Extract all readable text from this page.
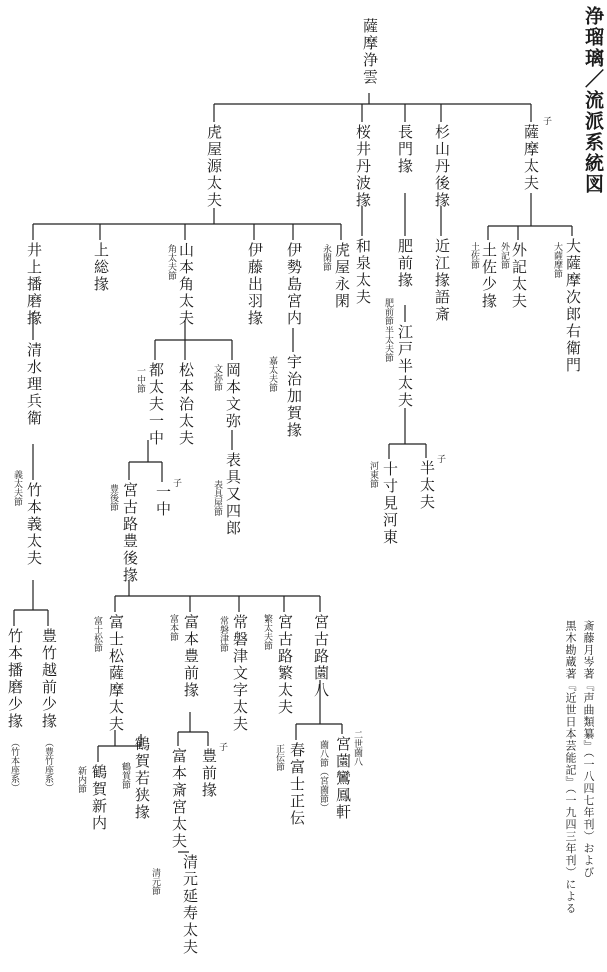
浄瑠璃／流派系統図
斎藤月岑著『声曲類纂』（一八四七年刊）および
黒木勘蔵著『近世日本芸能記』（一九四三年刊）による
薩摩浄雲
虎屋源太夫	桜井丹波掾 長門掾 杉山丹後掾	薩摩太夫
子
和泉太夫 肥前掾
肥前節	近江掾語斎 土佐少掾
土佐節 外記太夫
外記節	大薩摩次郎右衛門
大薩摩節
江戸半太夫
半太夫節
十寸見河東
河東節	半太夫 子
井上播磨掾	上総掾	山本角太夫
角太夫節	伊藤出羽掾 伊勢島宮内 虎屋永閑
永閑節
清水理兵衛	都太夫一中
一中節 松本治太夫 岡本文弥
文弥節	宇治加賀掾
嘉太夫節
一中 子	表具又四郎
表具屋節
竹本義太夫
義太夫節	宮古路豊後掾
豊後節
竹本播磨少掾
（竹本座系）
豊竹越前少掾
（豊竹座系）
富士松薩摩太夫
富士松節	富本豊前掾
富本節	常磐津文字太夫
常磐津節	宮古路繁太夫
繁太夫節	宮古路薗八
鶴賀新内
新内節	鶴賀若狭掾
鶴賀節	富本斎宮太夫 豊前掾 子
清元延寿太夫
清元節
春富士正伝
正伝節	宮薗鸞鳳軒 二世薗八
薗八節（宮薗節）
